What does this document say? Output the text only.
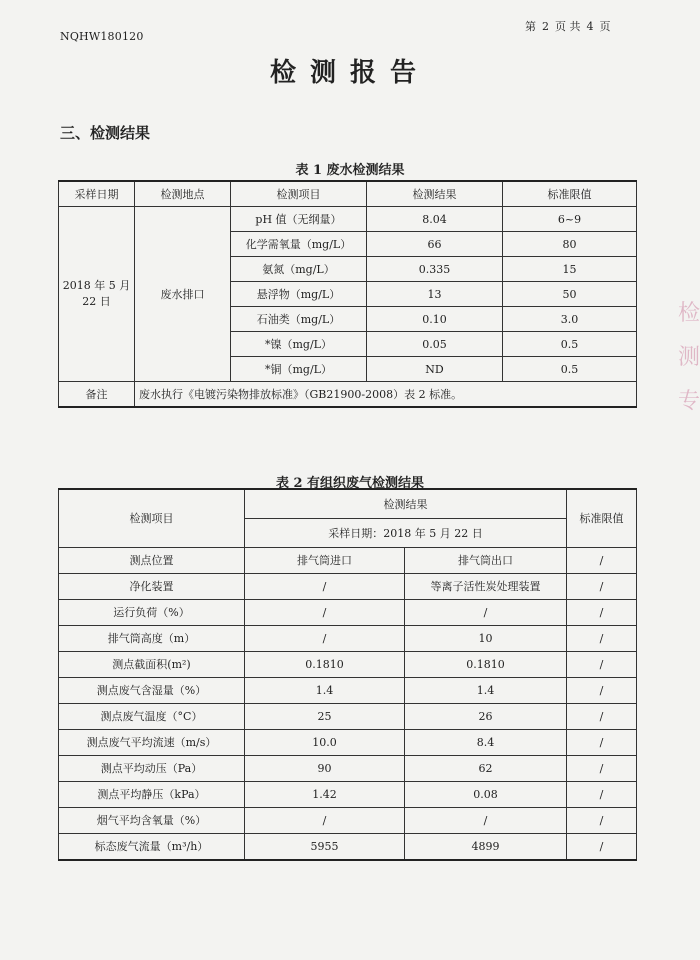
NQHW180120
第 2 页 共 4 页
检测报告
三、检测结果
表 1 废水检测结果
采样日期	检测地点	检测项目	检测结果	标准限值
2018 年 5 月 22 日	废水排口	pH 值（无纲量）	8.04	6~9
		化学需氧量（mg/L）	66	80
		氨氮（mg/L）	0.335	15
		悬浮物（mg/L）	13	50
		石油类（mg/L）	0.10	3.0
		*镍（mg/L）	0.05	0.5
		*铜（mg/L）	ND	0.5
备注	废水执行《电镀污染物排放标准》（GB21900-2008）表 2 标准。			
表 2 有组织废气检测结果
检测项目	检测结果		标准限值
	采样日期：2018 年 5 月 22 日		
测点位置	排气筒进口	排气筒出口	/
净化装置	/	等离子活性炭处理装置	/
运行负荷（%）	/	/	/
排气筒高度（m）	/	10	/
测点截面积(m²)	0.1810	0.1810	/
测点废气含湿量（%）	1.4	1.4	/
测点废气温度（°C）	25	26	/
测点废气平均流速（m/s）	10.0	8.4	/
测点平均动压（Pa）	90	62	/
测点平均静压（kPa）	1.42	0.08	/
烟气平均含氧量（%）	/	/	/
标态废气流量（m³/h）	5955	4899	/
检
测
专
